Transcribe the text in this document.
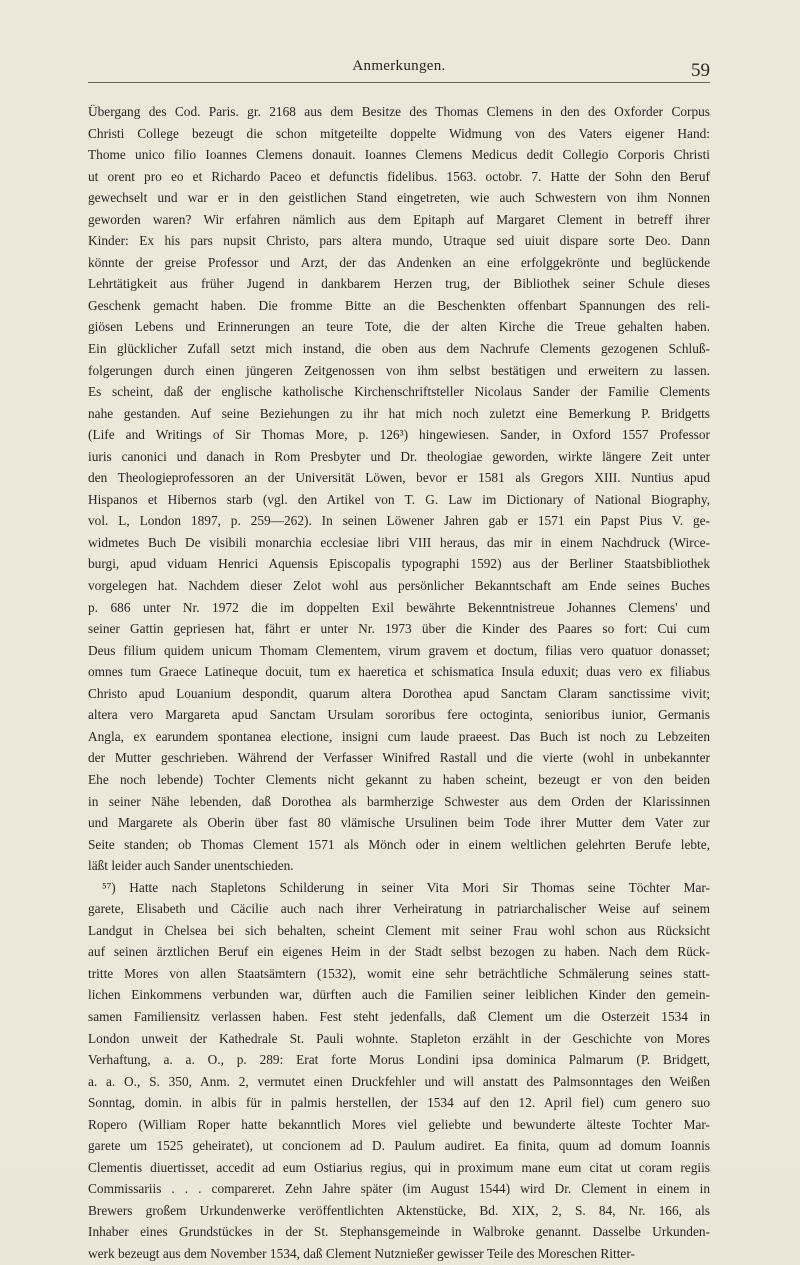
Anmerkungen.	59
Übergang des Cod. Paris. gr. 2168 aus dem Besitze des Thomas Clemens in den des Oxforder Corpus
Christi College bezeugt die schon mitgeteilte doppelte Widmung von des Vaters eigener Hand:
Thome unico filio Ioannes Clemens donauit. Ioannes Clemens Medicus dedit Collegio Corporis Christi
ut orent pro eo et Richardo Paceo et defunctis fidelibus. 1563. octobr. 7. Hatte der Sohn den Beruf
gewechselt und war er in den geistlichen Stand eingetreten, wie auch Schwestern von ihm Nonnen
geworden waren? Wir erfahren nämlich aus dem Epitaph auf Margaret Clement in betreff ihrer
Kinder: Ex his pars nupsit Christo, pars altera mundo, Utraque sed uiuit dispare sorte Deo. Dann
könnte der greise Professor und Arzt, der das Andenken an eine erfolggekrönte und beglückende
Lehrtätigkeit aus früher Jugend in dankbarem Herzen trug, der Bibliothek seiner Schule dieses
Geschenk gemacht haben. Die fromme Bitte an die Beschenkten offenbart Spannungen des reli-
giösen Lebens und Erinnerungen an teure Tote, die der alten Kirche die Treue gehalten haben.
Ein glücklicher Zufall setzt mich instand, die oben aus dem Nachrufe Clements gezogenen Schluß-
folgerungen durch einen jüngeren Zeitgenossen von ihm selbst bestätigen und erweitern zu lassen.
Es scheint, daß der englische katholische Kirchenschriftsteller Nicolaus Sander der Familie Clements
nahe gestanden. Auf seine Beziehungen zu ihr hat mich noch zuletzt eine Bemerkung P. Bridgetts
(Life and Writings of Sir Thomas More, p. 126³) hingewiesen. Sander, in Oxford 1557 Professor
iuris canonici und danach in Rom Presbyter und Dr. theologiae geworden, wirkte längere Zeit unter
den Theologieprofessoren an der Universität Löwen, bevor er 1581 als Gregors XIII. Nuntius apud
Hispanos et Hibernos starb (vgl. den Artikel von T. G. Law im Dictionary of National Biography,
vol. L, London 1897, p. 259—262). In seinen Löwener Jahren gab er 1571 ein Papst Pius V. ge-
widmetes Buch De visibili monarchia ecclesiae libri VIII heraus, das mir in einem Nachdruck (Wirce-
burgi, apud viduam Henrici Aquensis Episcopalis typographi 1592) aus der Berliner Staatsbibliothek
vorgelegen hat. Nachdem dieser Zelot wohl aus persönlicher Bekanntschaft am Ende seines Buches
p. 686 unter Nr. 1972 die im doppelten Exil bewährte Bekenntnistreue Johannes Clemens' und
seiner Gattin gepriesen hat, fährt er unter Nr. 1973 über die Kinder des Paares so fort: Cui cum
Deus filium quidem unicum Thomam Clementem, virum gravem et doctum, filias vero quatuor donasset;
omnes tum Graece Latineque docuit, tum ex haeretica et schismatica Insula eduxit; duas vero ex filiabus
Christo apud Louanium despondit, quarum altera Dorothea apud Sanctam Claram sanctissime vivit;
altera vero Margareta apud Sanctam Ursulam sororibus fere octoginta, senioribus iunior, Germanis
Angla, ex earundem spontanea electione, insigni cum laude praeest. Das Buch ist noch zu Lebzeiten
der Mutter geschrieben. Während der Verfasser Winifred Rastall und die vierte (wohl in unbekannter
Ehe noch lebende) Tochter Clements nicht gekannt zu haben scheint, bezeugt er von den beiden
in seiner Nähe lebenden, daß Dorothea als barmherzige Schwester aus dem Orden der Klarissinnen
und Margarete als Oberin über fast 80 vlämische Ursulinen beim Tode ihrer Mutter dem Vater zur
Seite standen; ob Thomas Clement 1571 als Mönch oder in einem weltlichen gelehrten Berufe lebte,
läßt leider auch Sander unentschieden.
⁵⁷) Hatte nach Stapletons Schilderung in seiner Vita Mori Sir Thomas seine Töchter Mar-
garete, Elisabeth und Cäcilie auch nach ihrer Verheiratung in patriarchalischer Weise auf seinem
Landgut in Chelsea bei sich behalten, scheint Clement mit seiner Frau wohl schon aus Rücksicht
auf seinen ärztlichen Beruf ein eigenes Heim in der Stadt selbst bezogen zu haben. Nach dem Rück-
tritte Mores von allen Staatsämtern (1532), womit eine sehr beträchtliche Schmälerung seines statt-
lichen Einkommens verbunden war, dürften auch die Familien seiner leiblichen Kinder den gemein-
samen Familiensitz verlassen haben. Fest steht jedenfalls, daß Clement um die Osterzeit 1534 in
London unweit der Kathedrale St. Pauli wohnte. Stapleton erzählt in der Geschichte von Mores
Verhaftung, a. a. O., p. 289: Erat forte Morus Londini ipsa dominica Palmarum (P. Bridgett,
a. a. O., S. 350, Anm. 2, vermutet einen Druckfehler und will anstatt des Palmsonntages den Weißen
Sonntag, domin. in albis für in palmis herstellen, der 1534 auf den 12. April fiel) cum genero suo
Ropero (William Roper hatte bekanntlich Mores viel geliebte und bewunderte älteste Tochter Mar-
garete um 1525 geheiratet), ut concionem ad D. Paulum audiret. Ea finita, quum ad domum Ioannis
Clementis diuertisset, accedit ad eum Ostiarius regius, qui in proximum mane eum citat ut coram regiis
Commissariis . . . compareret. Zehn Jahre später (im August 1544) wird Dr. Clement in einem in
Brewers großem Urkundenwerke veröffentlichten Aktenstücke, Bd. XIX, 2, S. 84, Nr. 166, als
Inhaber eines Grundstückes in der St. Stephansgemeinde in Walbroke genannt. Dasselbe Urkunden-
werk bezeugt aus dem November 1534, daß Clement Nutznießer gewisser Teile des Moreschen Ritter-
